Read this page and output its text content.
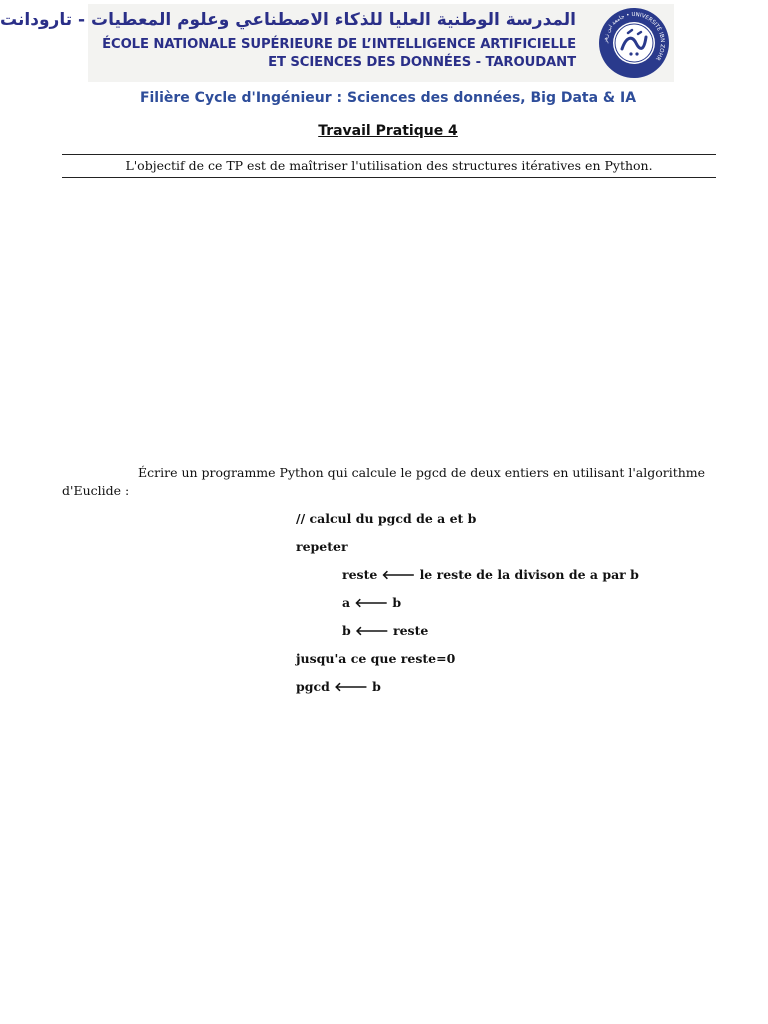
المدرسة الوطنية العليا للذكاء الاصطناعي وعلوم المعطيات - تارودانت
ÉCOLE NATIONALE SUPÉRIEURE DE L’INTELLIGENCE ARTIFICIELLE
ET SCIENCES DES DONNÉES - TAROUDANT
جامعة ابن زهر • UNIVERSITÉ IBN ZOHR
Filière Cycle d'Ingénieur : Sciences des données, Big Data & IA
Travail Pratique 4
L'objectif de ce TP est de maîtriser l'utilisation des structures itératives en Python.
Écrire un programme Python qui calcule le pgcd de deux entiers en utilisant l'algorithme d'Euclide :
// calcul du pgcd de a et b
repeter
reste 🡐 le reste de la divison de a par b
a 🡐 b
b 🡐 reste
jusqu'a ce que reste=0
pgcd 🡐 b
